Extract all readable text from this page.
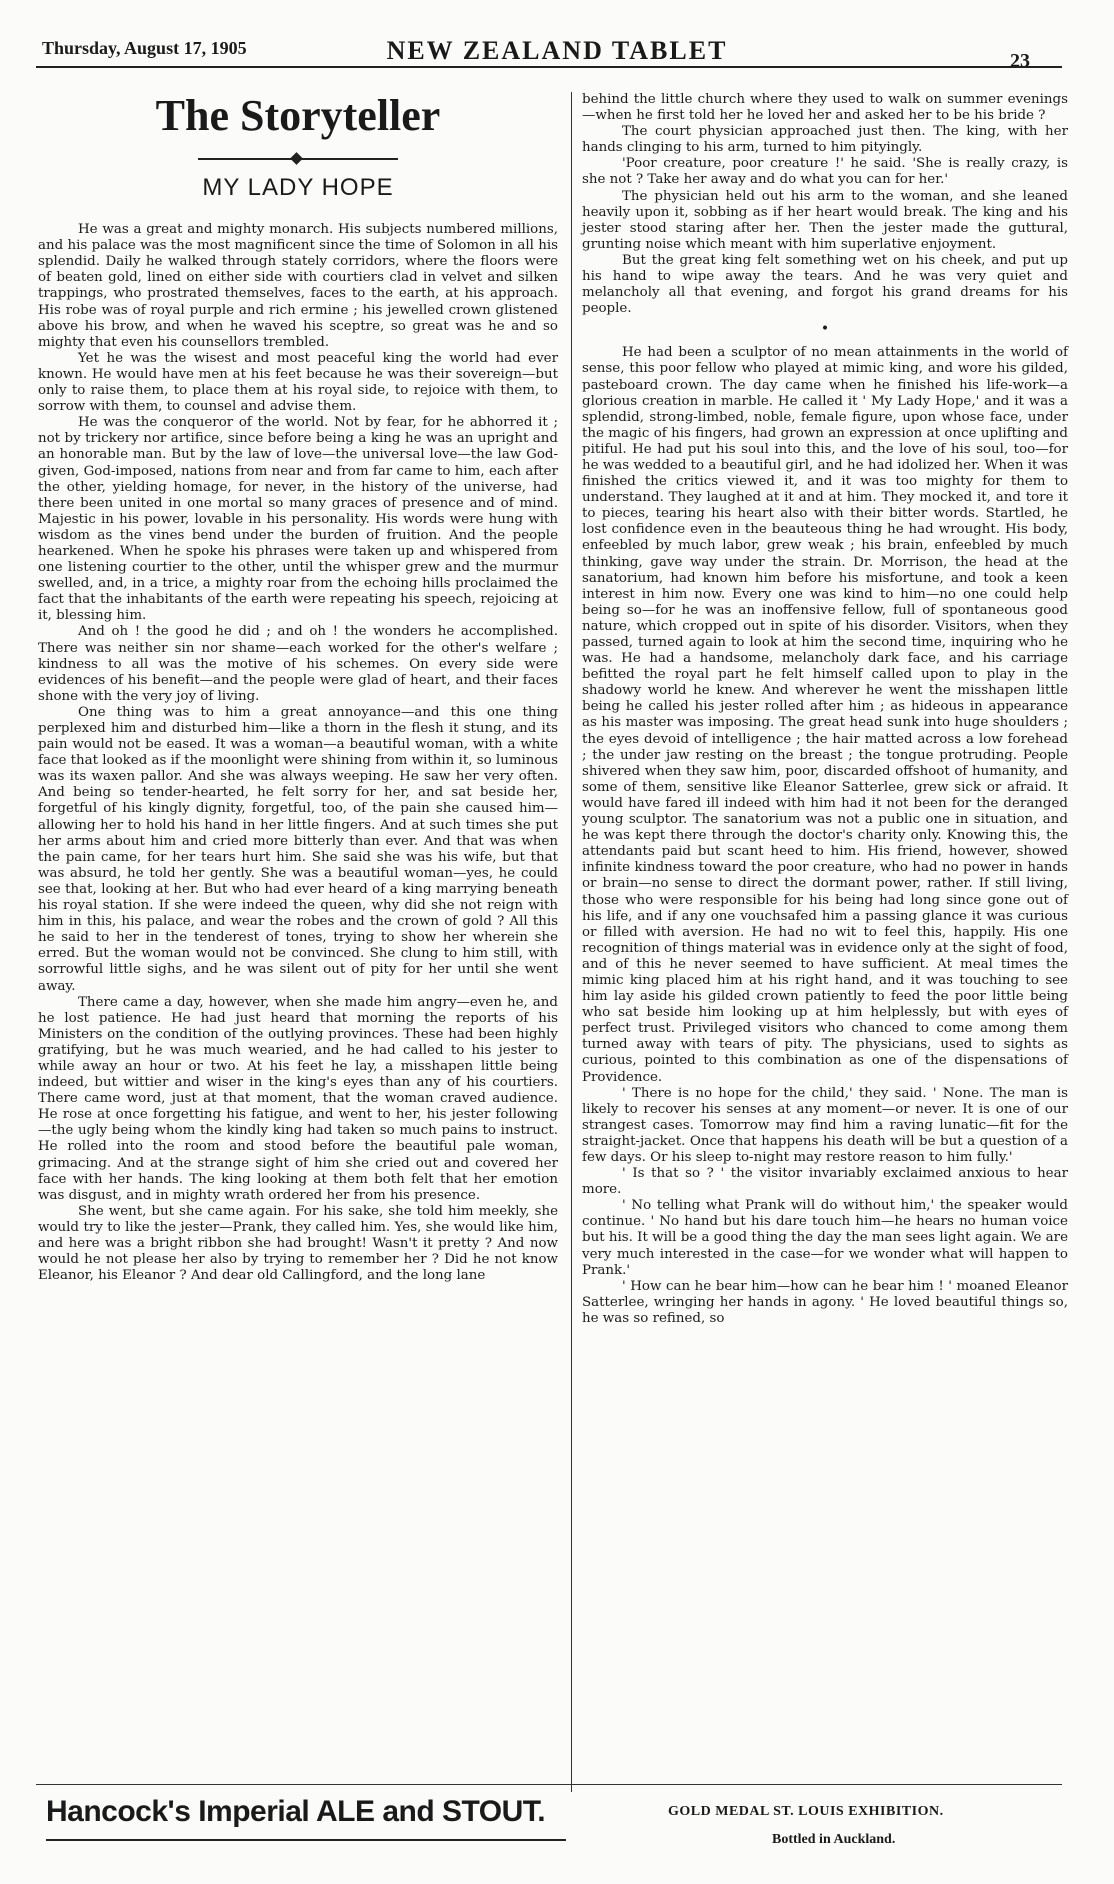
Thursday, August 17, 1905	NEW ZEALAND TABLET	23
The Storyteller
MY LADY HOPE

He was a great and mighty monarch. His subjects numbered millions, and his palace was the most magnificent since the time of Solomon in all his splendid. Daily he walked through stately corridors, where the floors were of beaten gold, lined on either side with courtiers clad in velvet and silken trappings, who prostrated themselves, faces to the earth, at his approach. His robe was of royal purple and rich ermine ; his jewelled crown glistened above his brow, and when he waved his sceptre, so great was he and so mighty that even his counsellors trembled.

Yet he was the wisest and most peaceful king the world had ever known. He would have men at his feet because he was their sovereign—but only to raise them, to place them at his royal side, to rejoice with them, to sorrow with them, to counsel and advise them.

He was the conqueror of the world. Not by fear, for he abhorred it ; not by trickery nor artifice, since before being a king he was an upright and an honorable man. But by the law of love—the universal love—the law God-given, God-imposed, nations from near and from far came to him, each after the other, yielding homage, for never, in the history of the universe, had there been united in one mortal so many graces of presence and of mind. Majestic in his power, lovable in his personality. His words were hung with wisdom as the vines bend under the burden of fruition. And the people hearkened. When he spoke his phrases were taken up and whispered from one listening courtier to the other, until the whisper grew and the murmur swelled, and, in a trice, a mighty roar from the echoing hills proclaimed the fact that the inhabitants of the earth were repeating his speech, rejoicing at it, blessing him.

And oh ! the good he did ; and oh ! the wonders he accomplished. There was neither sin nor shame—each worked for the other's welfare ; kindness to all was the motive of his schemes. On every side were evidences of his benefit—and the people were glad of heart, and their faces shone with the very joy of living.

One thing was to him a great annoyance—and this one thing perplexed him and disturbed him—like a thorn in the flesh it stung, and its pain would not be eased. It was a woman—a beautiful woman, with a white face that looked as if the moonlight were shining from within it, so luminous was its waxen pallor. And she was always weeping. He saw her very often. And being so tender-hearted, he felt sorry for her, and sat beside her, forgetful of his kingly dignity, forgetful, too, of the pain she caused him—allowing her to hold his hand in her little fingers. And at such times she put her arms about him and cried more bitterly than ever. And that was when the pain came, for her tears hurt him. She said she was his wife, but that was absurd, he told her gently. She was a beautiful woman—yes, he could see that, looking at her. But who had ever heard of a king marrying beneath his royal station. If she were indeed the queen, why did she not reign with him in this, his palace, and wear the robes and the crown of gold ? All this he said to her in the tenderest of tones, trying to show her wherein she erred. But the woman would not be convinced. She clung to him still, with sorrowful little sighs, and he was silent out of pity for her until she went away.

There came a day, however, when she made him angry—even he, and he lost patience. He had just heard that morning the reports of his Ministers on the condition of the outlying provinces. These had been highly gratifying, but he was much wearied, and he had called to his jester to while away an hour or two. At his feet he lay, a misshapen little being indeed, but wittier and wiser in the king's eyes than any of his courtiers. There came word, just at that moment, that the woman craved audience. He rose at once forgetting his fatigue, and went to her, his jester following—the ugly being whom the kindly king had taken so much pains to instruct. He rolled into the room and stood before the beautiful pale woman, grimacing. And at the strange sight of him she cried out and covered her face with her hands. The king looking at them both felt that her emotion was disgust, and in mighty wrath ordered her from his presence.

She went, but she came again. For his sake, she told him meekly, she would try to like the jester—Prank, they called him. Yes, she would like him, and here was a bright ribbon she had brought! Wasn't it pretty ? And now would he not please her also by trying to remember her ? Did he not know Eleanor, his Eleanor ? And dear old Callingford, and the long lane

behind the little church where they used to walk on summer evenings—when he first told her he loved her and asked her to be his bride ?

The court physician approached just then. The king, with her hands clinging to his arm, turned to him pityingly.

'Poor creature, poor creature !' he said. 'She is really crazy, is she not ? Take her away and do what you can for her.'

The physician held out his arm to the woman, and she leaned heavily upon it, sobbing as if her heart would break. The king and his jester stood staring after her. Then the jester made the guttural, grunting noise which meant with him superlative enjoyment.

But the great king felt something wet on his cheek, and put up his hand to wipe away the tears. And he was very quiet and melancholy all that evening, and forgot his grand dreams for his people.

•

He had been a sculptor of no mean attainments in the world of sense, this poor fellow who played at mimic king, and wore his gilded, pasteboard crown. The day came when he finished his life-work—a glorious creation in marble. He called it ' My Lady Hope,' and it was a splendid, strong-limbed, noble, female figure, upon whose face, under the magic of his fingers, had grown an expression at once uplifting and pitiful. He had put his soul into this, and the love of his soul, too—for he was wedded to a beautiful girl, and he had idolized her. When it was finished the critics viewed it, and it was too mighty for them to understand. They laughed at it and at him. They mocked it, and tore it to pieces, tearing his heart also with their bitter words. Startled, he lost confidence even in the beauteous thing he had wrought. His body, enfeebled by much labor, grew weak ; his brain, enfeebled by much thinking, gave way under the strain. Dr. Morrison, the head at the sanatorium, had known him before his misfortune, and took a keen interest in him now. Every one was kind to him—no one could help being so—for he was an inoffensive fellow, full of spontaneous good nature, which cropped out in spite of his disorder. Visitors, when they passed, turned again to look at him the second time, inquiring who he was. He had a handsome, melancholy dark face, and his carriage befitted the royal part he felt himself called upon to play in the shadowy world he knew. And wherever he went the misshapen little being he called his jester rolled after him ; as hideous in appearance as his master was imposing. The great head sunk into huge shoulders ; the eyes devoid of intelligence ; the hair matted across a low forehead ; the under jaw resting on the breast ; the tongue protruding. People shivered when they saw him, poor, discarded offshoot of humanity, and some of them, sensitive like Eleanor Satterlee, grew sick or afraid. It would have fared ill indeed with him had it not been for the deranged young sculptor. The sanatorium was not a public one in situation, and he was kept there through the doctor's charity only. Knowing this, the attendants paid but scant heed to him. His friend, however, showed infinite kindness toward the poor creature, who had no power in hands or brain—no sense to direct the dormant power, rather. If still living, those who were responsible for his being had long since gone out of his life, and if any one vouchsafed him a passing glance it was curious or filled with aversion. He had no wit to feel this, happily. His one recognition of things material was in evidence only at the sight of food, and of this he never seemed to have sufficient. At meal times the mimic king placed him at his right hand, and it was touching to see him lay aside his gilded crown patiently to feed the poor little being who sat beside him looking up at him helplessly, but with eyes of perfect trust. Privileged visitors who chanced to come among them turned away with tears of pity. The physicians, used to sights as curious, pointed to this combination as one of the dispensations of Providence.

' There is no hope for the child,' they said. ' None. The man is likely to recover his senses at any moment—or never. It is one of our strangest cases. Tomorrow may find him a raving lunatic—fit for the straight-jacket. Once that happens his death will be but a question of a few days. Or his sleep to-night may restore reason to him fully.'

' Is that so ? ' the visitor invariably exclaimed anxious to hear more.

' No telling what Prank will do without him,' the speaker would continue. ' No hand but his dare touch him—he hears no human voice but his. It will be a good thing the day the man sees light again. We are very much interested in the case—for we wonder what will happen to Prank.'

' How can he bear him—how can he bear him ! ' moaned Eleanor Satterlee, wringing her hands in agony. ' He loved beautiful things so, he was so refined, so

Hancock's Imperial ALE and STOUT.	GOLD MEDAL ST. LOUIS EXHIBITION.
Bottled in Auckland.
